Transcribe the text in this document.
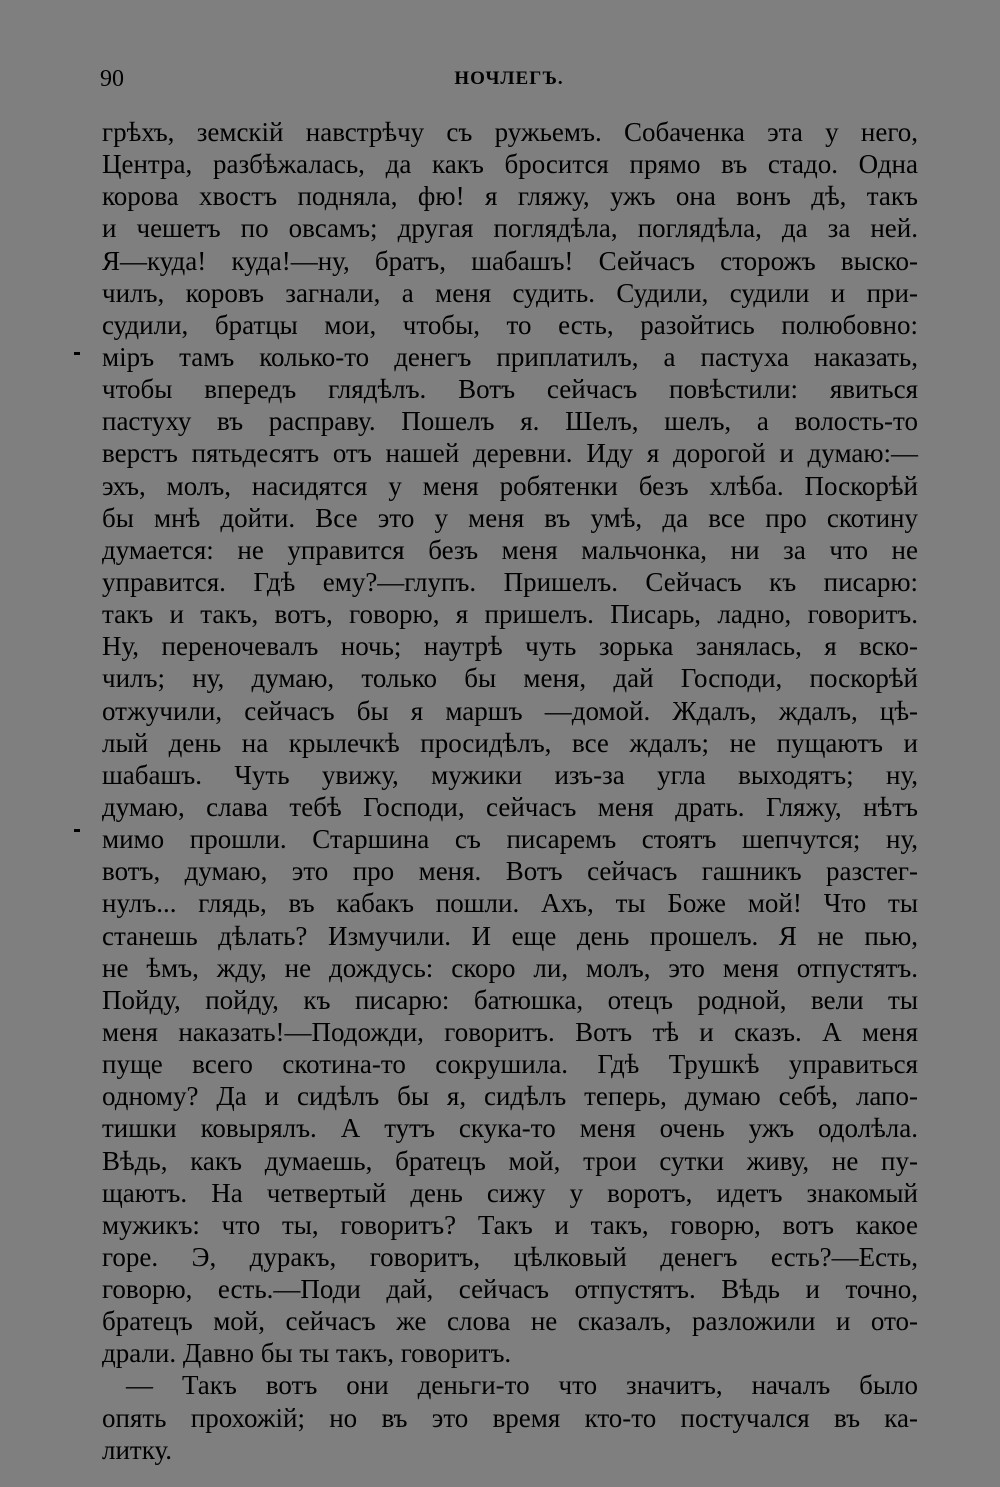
90	НОЧЛЕГЪ.
грѣхъ, земскій навстрѣчу съ ружьемъ. Собаченка эта у него,
Центра, разбѣжалась, да какъ бросится прямо въ стадо. Одна
корова хвостъ подняла, фю! я гляжу, ужъ она вонъ дѣ, такъ
и чешетъ по овсамъ; другая поглядѣла, поглядѣла, да за ней.
Я—куда! куда!—ну, братъ, шабашъ! Сейчасъ сторожъ выско-
чилъ, коровъ загнали, а меня судить. Судили, судили и при-
судили, братцы мои, чтобы, то есть, разойтись полюбовно:
міръ тамъ колько-то денегъ приплатилъ, а пастуха наказать,
чтобы впередъ глядѣлъ. Вотъ сейчасъ повѣстили: явиться
пастуху въ расправу. Пошелъ я. Шелъ, шелъ, а волость-то
верстъ пятьдесятъ отъ нашей деревни. Иду я дорогой и думаю:—
эхъ, молъ, насидятся у меня робятенки безъ хлѣба. Поскорѣй
бы мнѣ дойти. Все это у меня въ умѣ, да все про скотину
думается: не управится безъ меня мальчонка, ни за что не
управится. Гдѣ ему?—глупъ. Пришелъ. Сейчасъ къ писарю:
такъ и такъ, вотъ, говорю, я пришелъ. Писарь, ладно, говоритъ.
Ну, переночевалъ ночь; наутрѣ чуть зорька занялась, я вско-
чилъ; ну, думаю, только бы меня, дай Господи, поскорѣй
отжучили, сейчасъ бы я маршъ —домой. Ждалъ, ждалъ, цѣ-
лый день на крылечкѣ просидѣлъ, все ждалъ; не пущаютъ и
шабашъ. Чуть увижу, мужики изъ-за угла выходятъ; ну,
думаю, слава тебѣ Господи, сейчасъ меня драть. Гляжу, нѣтъ
мимо прошли. Старшина съ писаремъ стоятъ шепчутся; ну,
вотъ, думаю, это про меня. Вотъ сейчасъ гашникъ разстег-
нулъ... глядь, въ кабакъ пошли. Ахъ, ты Боже мой! Что ты
станешь дѣлать? Измучили. И еще день прошелъ. Я не пью,
не ѣмъ, жду, не дождусь: скоро ли, молъ, это меня отпустятъ.
Пойду, пойду, къ писарю: батюшка, отецъ родной, вели ты
меня наказать!—Подожди, говоритъ. Вотъ тѣ и сказъ. А меня
пуще всего скотина-то сокрушила. Гдѣ Трушкѣ управиться
одному? Да и сидѣлъ бы я, сидѣлъ теперь, думаю себѣ, лапо-
тишки ковырялъ. А тутъ скука-то меня очень ужъ одолѣла.
Вѣдь, какъ думаешь, братецъ мой, трои сутки живу, не пу-
щаютъ. На четвертый день сижу у воротъ, идетъ знакомый
мужикъ: что ты, говоритъ? Такъ и такъ, говорю, вотъ какое
горе. Э, дуракъ, говоритъ, цѣлковый денегъ есть?—Есть,
говорю, есть.—Поди дай, сейчасъ отпустятъ. Вѣдь и точно,
братецъ мой, сейчасъ же слова не сказалъ, разложили и ото-
драли. Давно бы ты такъ, говоритъ.
— Такъ вотъ они деньги-то что значитъ, началъ было
опять прохожій; но въ это время кто-то постучался въ ка-
литку.
